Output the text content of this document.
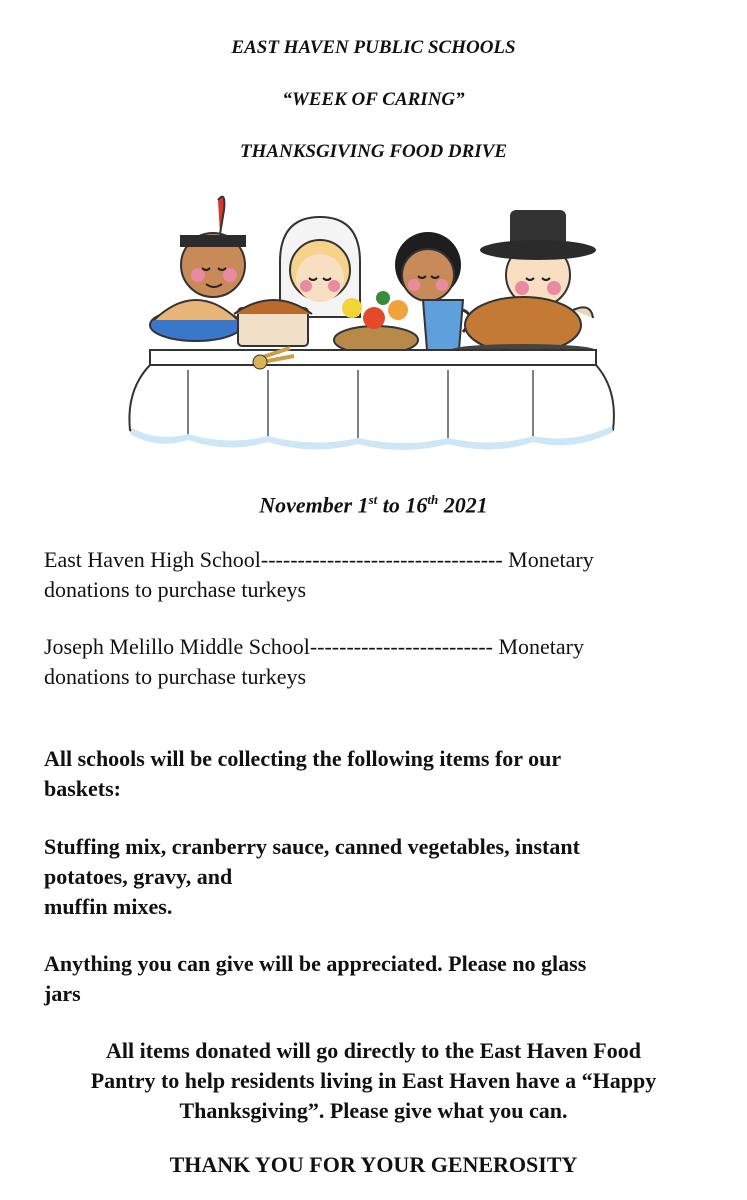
EAST HAVEN PUBLIC SCHOOLS
“WEEK OF CARING”
THANKSGIVING FOOD DRIVE
November 1st to 16th 2021
East Haven High School--------------------------------- Monetary
donations to purchase turkeys
Joseph Melillo Middle School------------------------- Monetary
donations to purchase turkeys
All schools will be collecting the following items for our
baskets:
Stuffing mix, cranberry sauce, canned vegetables, instant
potatoes, gravy, and
muffin mixes.
Anything you can give will be appreciated. Please no glass
jars
All items donated will go directly to the East Haven Food
Pantry to help residents living in East Haven have a “Happy
Thanksgiving”. Please give what you can.
THANK YOU FOR YOUR GENEROSITY
